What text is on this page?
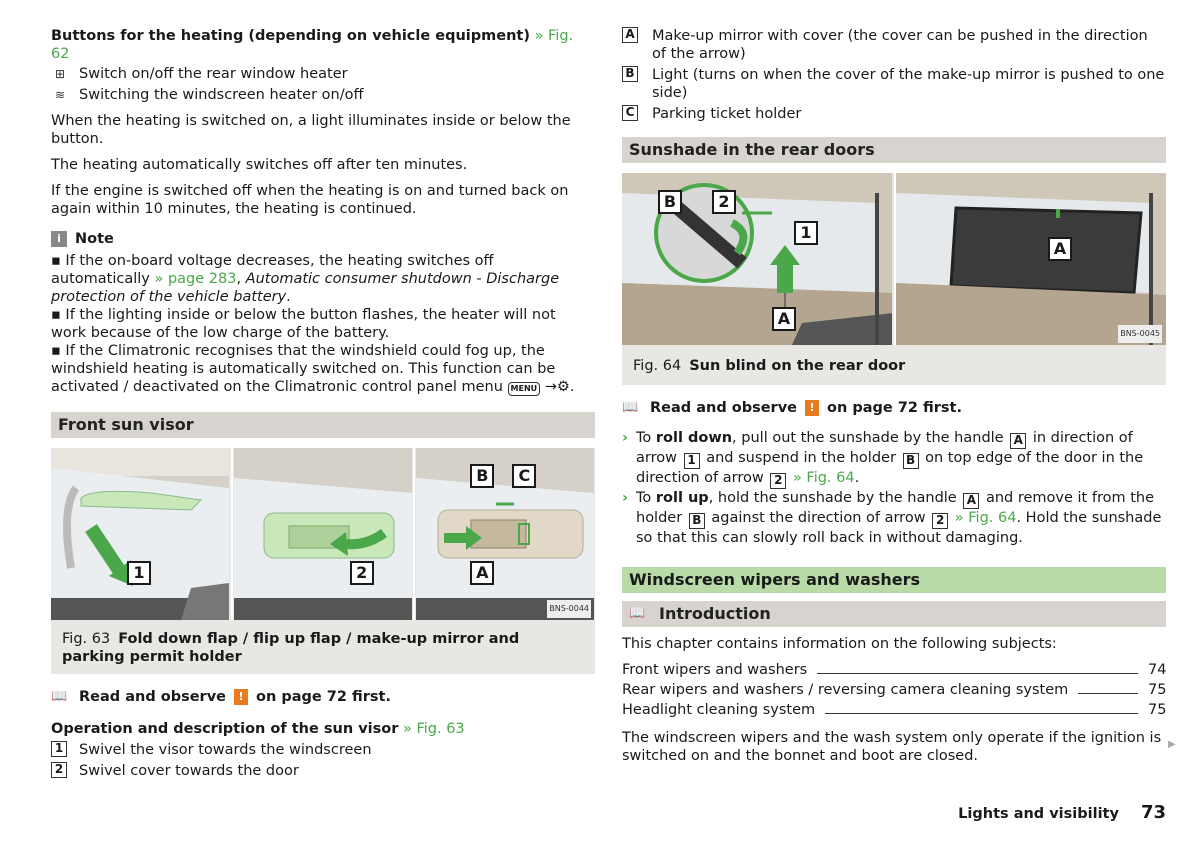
Buttons for the heating (depending on vehicle equipment) » Fig. 62

⊞ Switch on/off the rear window heater
≋ Switching the windscreen heater on/off

When the heating is switched on, a light illuminates inside or below the button.

The heating automatically switches off after ten minutes.

If the engine is switched off when the heating is on and turned back on again within 10 minutes, the heating is continued.

i Note

▪ If the on-board voltage decreases, the heating switches off automatically » page 283, Automatic consumer shutdown - Discharge protection of the vehicle battery.

▪ If the lighting inside or below the button flashes, the heater will not work because of the low charge of the battery.

▪ If the Climatronic recognises that the windshield could fog up, the windshield heating is automatically switched on. This function can be activated / deactivated on the Climatronic control panel menu MENU →⚙.

Front sun visor
1	2
B	C
A
BNS-0044
Fig. 63 Fold down flap / flip up flap / make-up mirror and parking permit holder
📖 Read and observe	! on page 72 first.

Operation and description of the sun visor » Fig. 63

1 Swivel the visor towards the windscreen
2 Swivel cover towards the door
A Make-up mirror with cover (the cover can be pushed in the direction of the arrow)
B Light (turns on when the cover of the make-up mirror is pushed to one side)
C Parking ticket holder
Sunshade in the rear doors
B	2
1
A
A
BNS-0045
Fig. 64 Sun blind on the rear door
📖 Read and observe	! on page 72 first.
› To roll down, pull out the sunshade by the handle A in direction of arrow 1 and suspend in the holder B on top edge of the door in the direction of arrow 2 » Fig. 64.
› To roll up, hold the sunshade by the handle A and remove it from the holder B against the direction of arrow 2 » Fig. 64. Hold the sunshade so that this can slowly roll back in without damaging.
Windscreen wipers and washers
📖 Introduction

This chapter contains information on the following subjects:

Front wipers and washers	74
Rear wipers and washers / reversing camera cleaning system	75
Headlight cleaning system	75

The windscreen wipers and the wash system only operate if the ignition is switched on and the bonnet and boot are closed.

▶
Lights and visibility 73
